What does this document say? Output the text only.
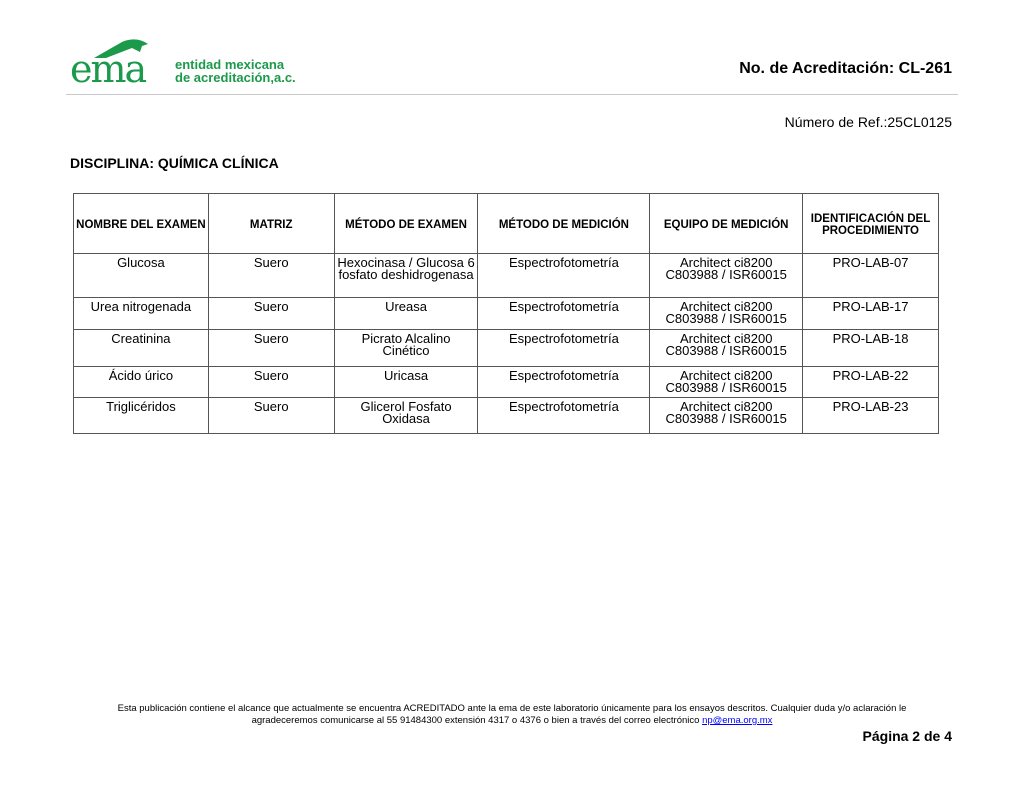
ema entidad mexicana
de acreditación,a.c.
No. de Acreditación: CL-261
Número de Ref.:25CL0125
DISCIPLINA: QUÍMICA CLÍNICA
NOMBRE DEL EXAMEN	MATRIZ	MÉTODO DE EXAMEN	MÉTODO DE MEDICIÓN	EQUIPO DE MEDICIÓN	IDENTIFICACIÓN DEL PROCEDIMIENTO
Glucosa	Suero	Hexocinasa / Glucosa 6 fosfato deshidrogenasa	Espectrofotometría	Architect ci8200 C803988 / ISR60015	PRO-LAB-07
Urea nitrogenada	Suero	Ureasa	Espectrofotometría	Architect ci8200 C803988 / ISR60015	PRO-LAB-17
Creatinina	Suero	Picrato Alcalino Cinético	Espectrofotometría	Architect ci8200 C803988 / ISR60015	PRO-LAB-18
Ácido úrico	Suero	Uricasa	Espectrofotometría	Architect ci8200 C803988 / ISR60015	PRO-LAB-22
Triglicéridos	Suero	Glicerol Fosfato Oxidasa	Espectrofotometría	Architect ci8200 C803988 / ISR60015	PRO-LAB-23
Esta publicación contiene el alcance que actualmente se encuentra ACREDITADO ante la ema de este laboratorio únicamente para los ensayos descritos. Cualquier duda y/o aclaración le
agradeceremos comunicarse al 55 91484300 extensión 4317 o 4376 o bien a través del correo electrónico np@ema.org.mx
Página 2 de 4
